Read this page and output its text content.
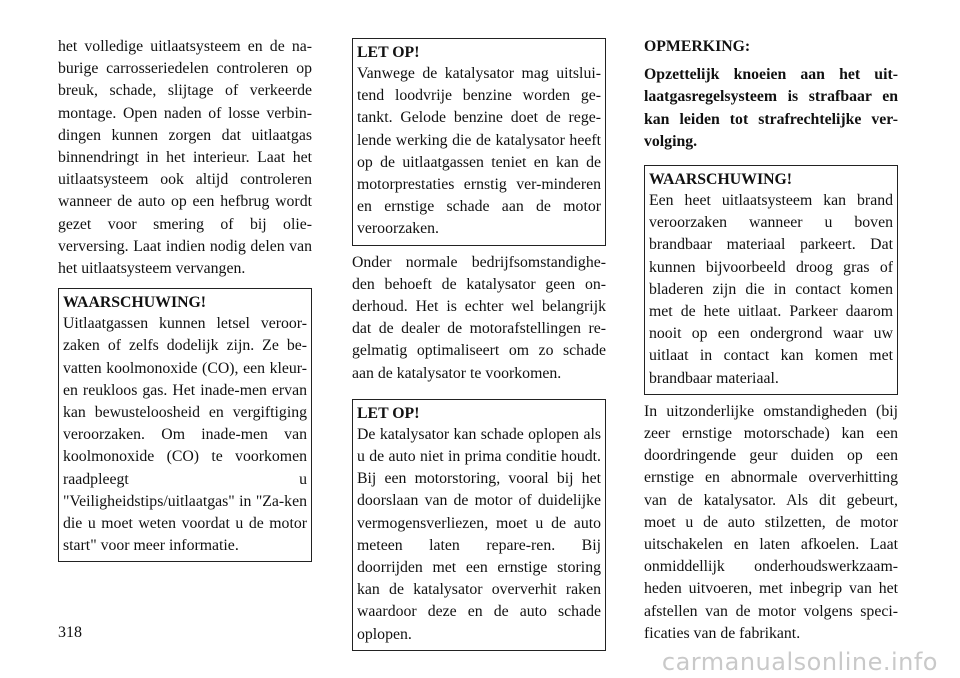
het volledige uitlaatsysteem en de na-burige carrosseriedelen controleren op breuk, schade, slijtage of verkeerde montage. Open naden of losse verbin-dingen kunnen zorgen dat uitlaatgas binnendringt in het interieur. Laat het uitlaatsysteem ook altijd controleren wanneer de auto op een hefbrug wordt gezet voor smering of bij olie-verversing. Laat indien nodig delen van het uitlaatsysteem vervangen.

WAARSCHUWING!

Uitlaatgassen kunnen letsel veroor-zaken of zelfs dodelijk zijn. Ze be-vatten koolmonoxide (CO), een kleur- en reukloos gas. Het inade-men ervan kan bewusteloosheid en vergiftiging veroorzaken. Om inade-men van koolmonoxide (CO) te voorkomen raadpleegt u "Veiligheidstips/uitlaatgas" in "Za-ken die u moet weten voordat u de motor start" voor meer informatie.

LET OP!

Vanwege de katalysator mag uitslui-tend loodvrije benzine worden ge-tankt. Gelode benzine doet de rege-lende werking die de katalysator heeft op de uitlaatgassen teniet en kan de motorprestaties ernstig ver-minderen en ernstige schade aan de motor veroorzaken.

Onder normale bedrijfsomstandighe-den behoeft de katalysator geen on-derhoud. Het is echter wel belangrijk dat de dealer de motorafstellingen re-gelmatig optimaliseert om zo schade aan de katalysator te voorkomen.

LET OP!

De katalysator kan schade oplopen als u de auto niet in prima conditie houdt. Bij een motorstoring, vooral bij het doorslaan van de motor of duidelijke vermogensverliezen, moet u de auto meteen laten repare-ren. Bij doorrijden met een ernstige storing kan de katalysator oververhit raken waardoor deze en de auto schade oplopen.

OPMERKING:

Opzettelijk knoeien aan het uit-laatgasregelsysteem is strafbaar en kan leiden tot strafrechtelijke ver-volging.

WAARSCHUWING!

Een heet uitlaatsysteem kan brand veroorzaken wanneer u boven brandbaar materiaal parkeert. Dat kunnen bijvoorbeeld droog gras of bladeren zijn die in contact komen met de hete uitlaat. Parkeer daarom nooit op een ondergrond waar uw uitlaat in contact kan komen met brandbaar materiaal.

In uitzonderlijke omstandigheden (bij zeer ernstige motorschade) kan een doordringende geur duiden op een ernstige en abnormale oververhitting van de katalysator. Als dit gebeurt, moet u de auto stilzetten, de motor uitschakelen en laten afkoelen. Laat onmiddellijk onderhoudswerkzaam-heden uitvoeren, met inbegrip van het afstellen van de motor volgens speci-ficaties van de fabrikant.

318
carmanualsonline.info
